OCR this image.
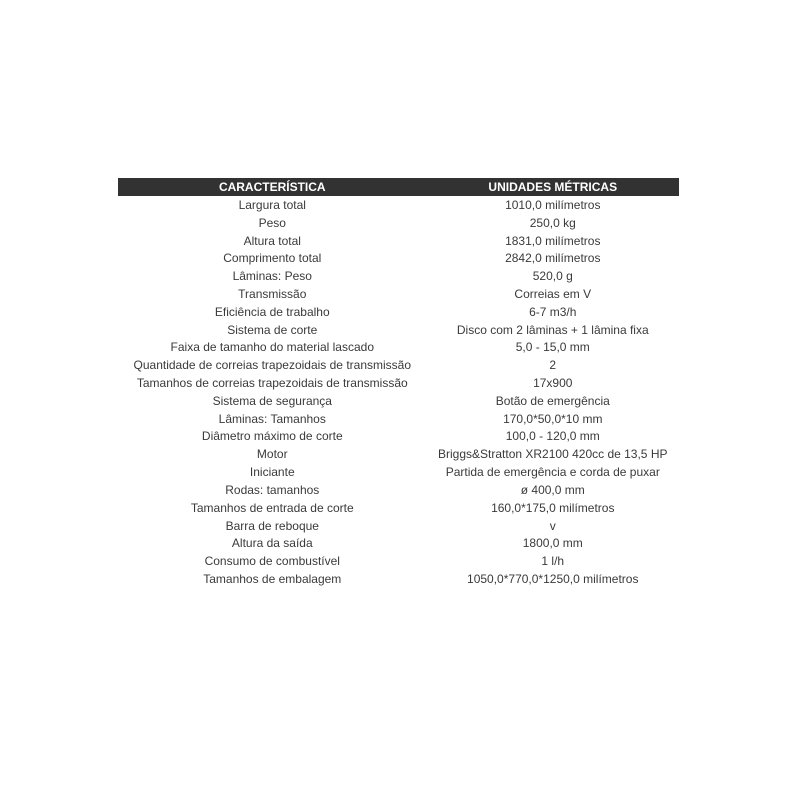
CARACTERÍSTICA	UNIDADES MÉTRICAS
Largura total	1010,0 milímetros
Peso	250,0 kg
Altura total	1831,0 milímetros
Comprimento total	2842,0 milímetros
Lâminas: Peso	520,0 g
Transmissão	Correias em V
Eficiência de trabalho	6-7 m3/h
Sistema de corte	Disco com 2 lâminas + 1 lâmina fixa
Faixa de tamanho do material lascado	5,0 - 15,0 mm
Quantidade de correias trapezoidais de transmissão	2
Tamanhos de correias trapezoidais de transmissão	17x900
Sistema de segurança	Botão de emergência
Lâminas: Tamanhos	170,0*50,0*10 mm
Diâmetro máximo de corte	100,0 - 120,0 mm
Motor	Briggs&Stratton XR2100 420cc de 13,5 HP
Iniciante	Partida de emergência e corda de puxar
Rodas: tamanhos	ø 400,0 mm
Tamanhos de entrada de corte	160,0*175,0 milímetros
Barra de reboque	v
Altura da saída	1800,0 mm
Consumo de combustível	1 l/h
Tamanhos de embalagem	1050,0*770,0*1250,0 milímetros
